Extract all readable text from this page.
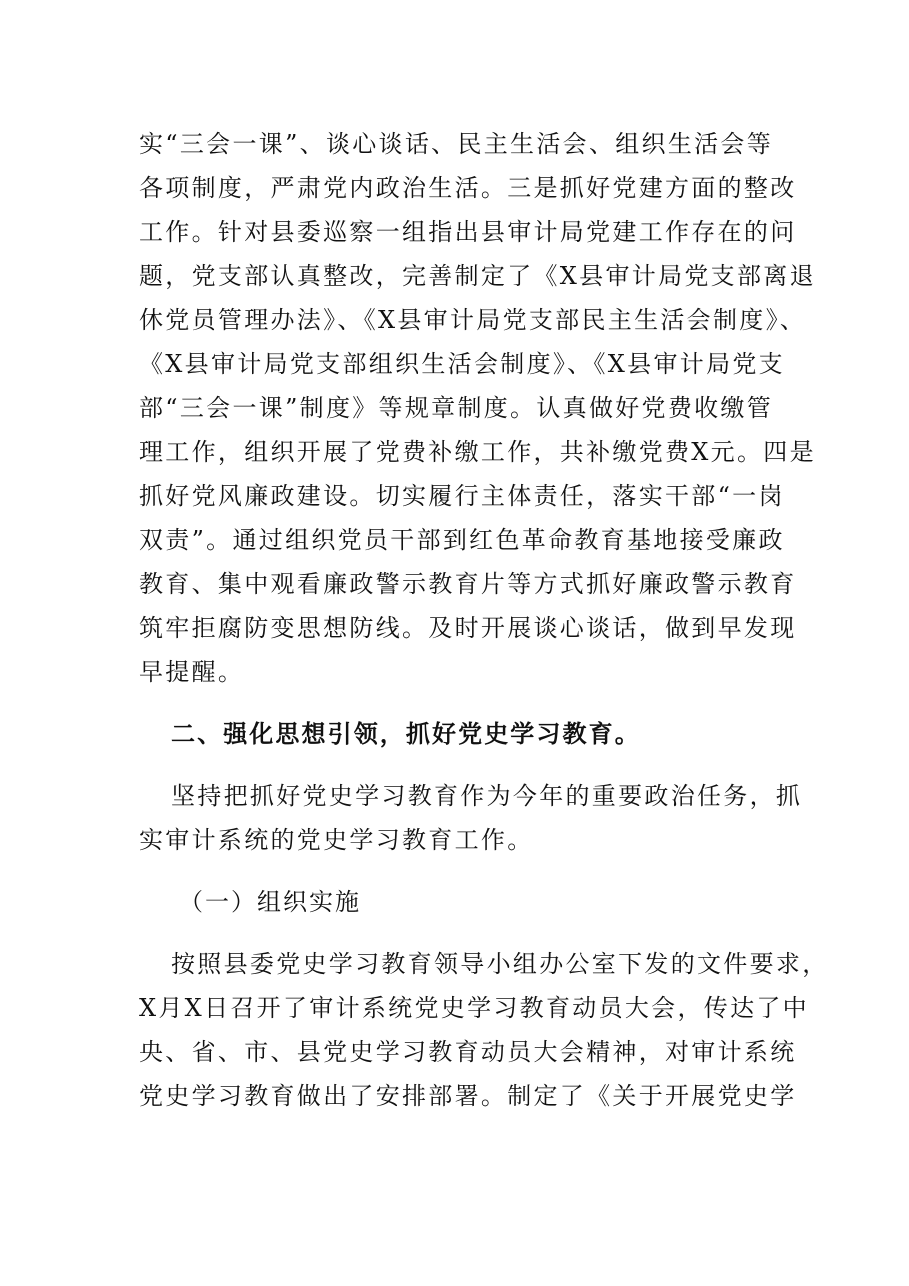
实“三会一课”、谈心谈话、民主生活会、组织生活会等
各项制度，严肃党内政治生活。三是抓好党建方面的整改
工作。针对县委巡察一组指出县审计局党建工作存在的问
题，党支部认真整改，完善制定了《X县审计局党支部离退
休党员管理办法》、《X县审计局党支部民主生活会制度》、
《X县审计局党支部组织生活会制度》、《X县审计局党支
部“三会一课”制度》等规章制度。认真做好党费收缴管
理工作，组织开展了党费补缴工作，共补缴党费X元。四是
抓好党风廉政建设。切实履行主体责任，落实干部“一岗
双责”。通过组织党员干部到红色革命教育基地接受廉政
教育、集中观看廉政警示教育片等方式抓好廉政警示教育
筑牢拒腐防变思想防线。及时开展谈心谈话，做到早发现
早提醒。
二、强化思想引领，抓好党史学习教育。
坚持把抓好党史学习教育作为今年的重要政治任务，抓
实审计系统的党史学习教育工作。
（一）组织实施
按照县委党史学习教育领导小组办公室下发的文件要求，
X月X日召开了审计系统党史学习教育动员大会，传达了中
央、省、市、县党史学习教育动员大会精神，对审计系统
党史学习教育做出了安排部署。制定了《关于开展党史学
